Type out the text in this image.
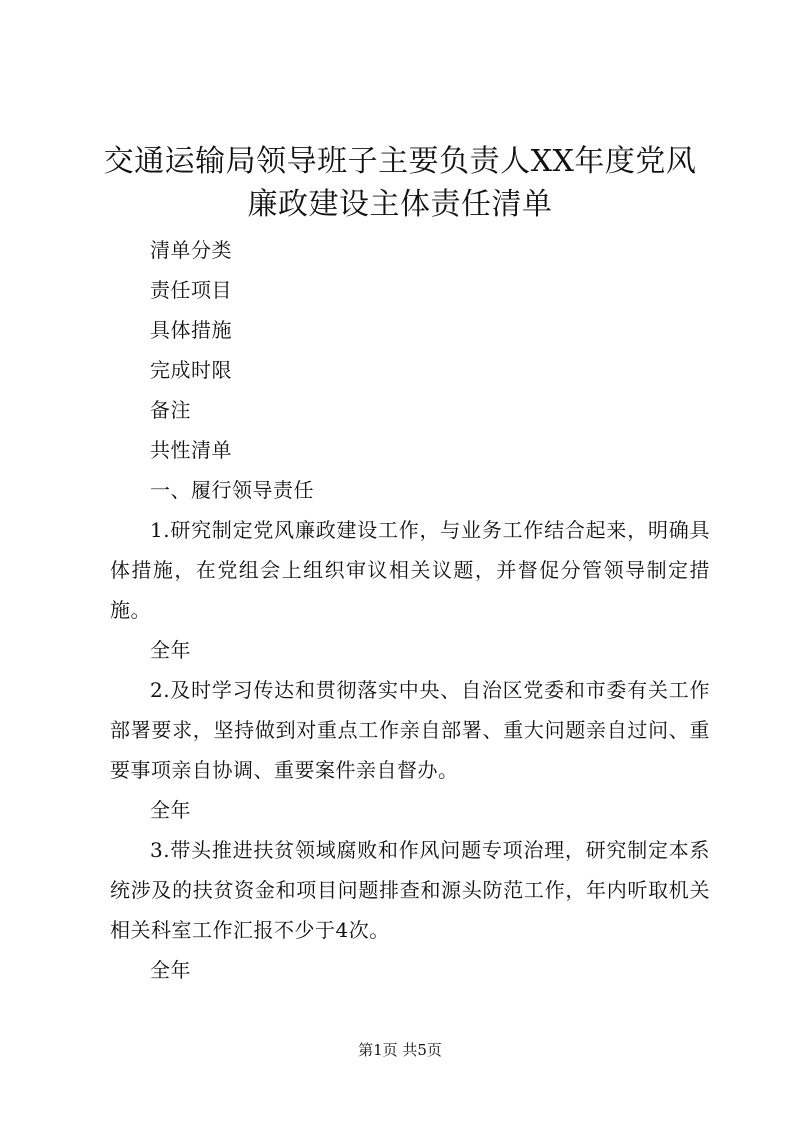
交通运输局领导班子主要负责人XX年度党风
廉政建设主体责任清单

清单分类

责任项目

具体措施

完成时限

备注

共性清单

一、履行领导责任

1.研究制定党风廉政建设工作，与业务工作结合起来，明确具体措施，在党组会上组织审议相关议题，并督促分管领导制定措施。

全年

2.及时学习传达和贯彻落实中央、自治区党委和市委有关工作部署要求，坚持做到对重点工作亲自部署、重大问题亲自过问、重要事项亲自协调、重要案件亲自督办。

全年

3.带头推进扶贫领域腐败和作风问题专项治理，研究制定本系统涉及的扶贫资金和项目问题排查和源头防范工作，年内听取机关相关科室工作汇报不少于4次。

全年

第1页 共5页
